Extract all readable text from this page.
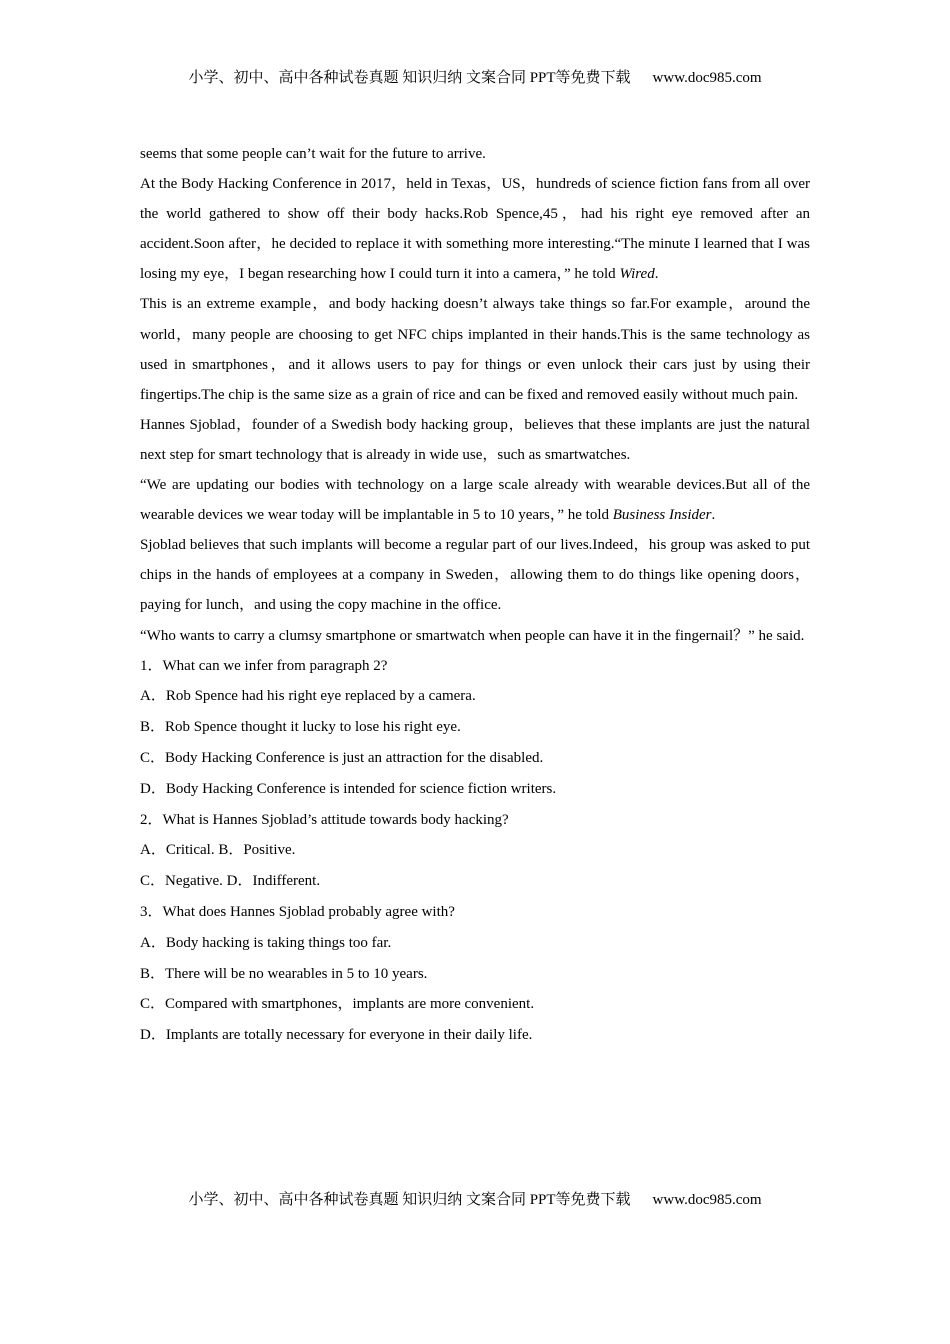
小学、初中、高中各种试卷真题 知识归纳 文案合同 PPT等免费下载 www.doc985.com

seems that some people can’t wait for the future to arrive.

At the Body Hacking Conference in 2017，held in Texas，US，hundreds of science fiction fans from all over the world gathered to show off their body hacks.Rob Spence,45，had his right eye removed after an accident.Soon after，he decided to replace it with something more interesting.“The minute I learned that I was losing my eye，I began researching how I could turn it into a camera，” he told Wired.

This is an extreme example，and body hacking doesn’t always take things so far.For example，around the world，many people are choosing to get NFC chips implanted in their hands.This is the same technology as used in smartphones，and it allows users to pay for things or even unlock their cars just by using their fingertips.The chip is the same size as a grain of rice and can be fixed and removed easily without much pain.

Hannes Sjoblad，founder of a Swedish body hacking group，believes that these implants are just the natural next step for smart technology that is already in wide use，such as smartwatches.

“We are updating our bodies with technology on a large scale already with wearable devices.But all of the wearable devices we wear today will be implantable in 5 to 10 years，” he told Business Insider.

Sjoblad believes that such implants will become a regular part of our lives.Indeed，his group was asked to put chips in the hands of employees at a company in Sweden，allowing them to do things like opening doors，paying for lunch，and using the copy machine in the office.

“Who wants to carry a clumsy smartphone or smartwatch when people can have it in the fingernail？” he said.

1．What can we infer from paragraph 2?

A．Rob Spence had his right eye replaced by a camera.

B．Rob Spence thought it lucky to lose his right eye.

C．Body Hacking Conference is just an attraction for the disabled.

D．Body Hacking Conference is intended for science fiction writers.

2．What is Hannes Sjoblad’s attitude towards body hacking?

A．Critical. B．Positive.

C．Negative. D．Indifferent.

3．What does Hannes Sjoblad probably agree with?

A．Body hacking is taking things too far.

B．There will be no wearables in 5 to 10 years.

C．Compared with smartphones，implants are more convenient.

D．Implants are totally necessary for everyone in their daily life.

小学、初中、高中各种试卷真题 知识归纳 文案合同 PPT等免费下载 www.doc985.com
